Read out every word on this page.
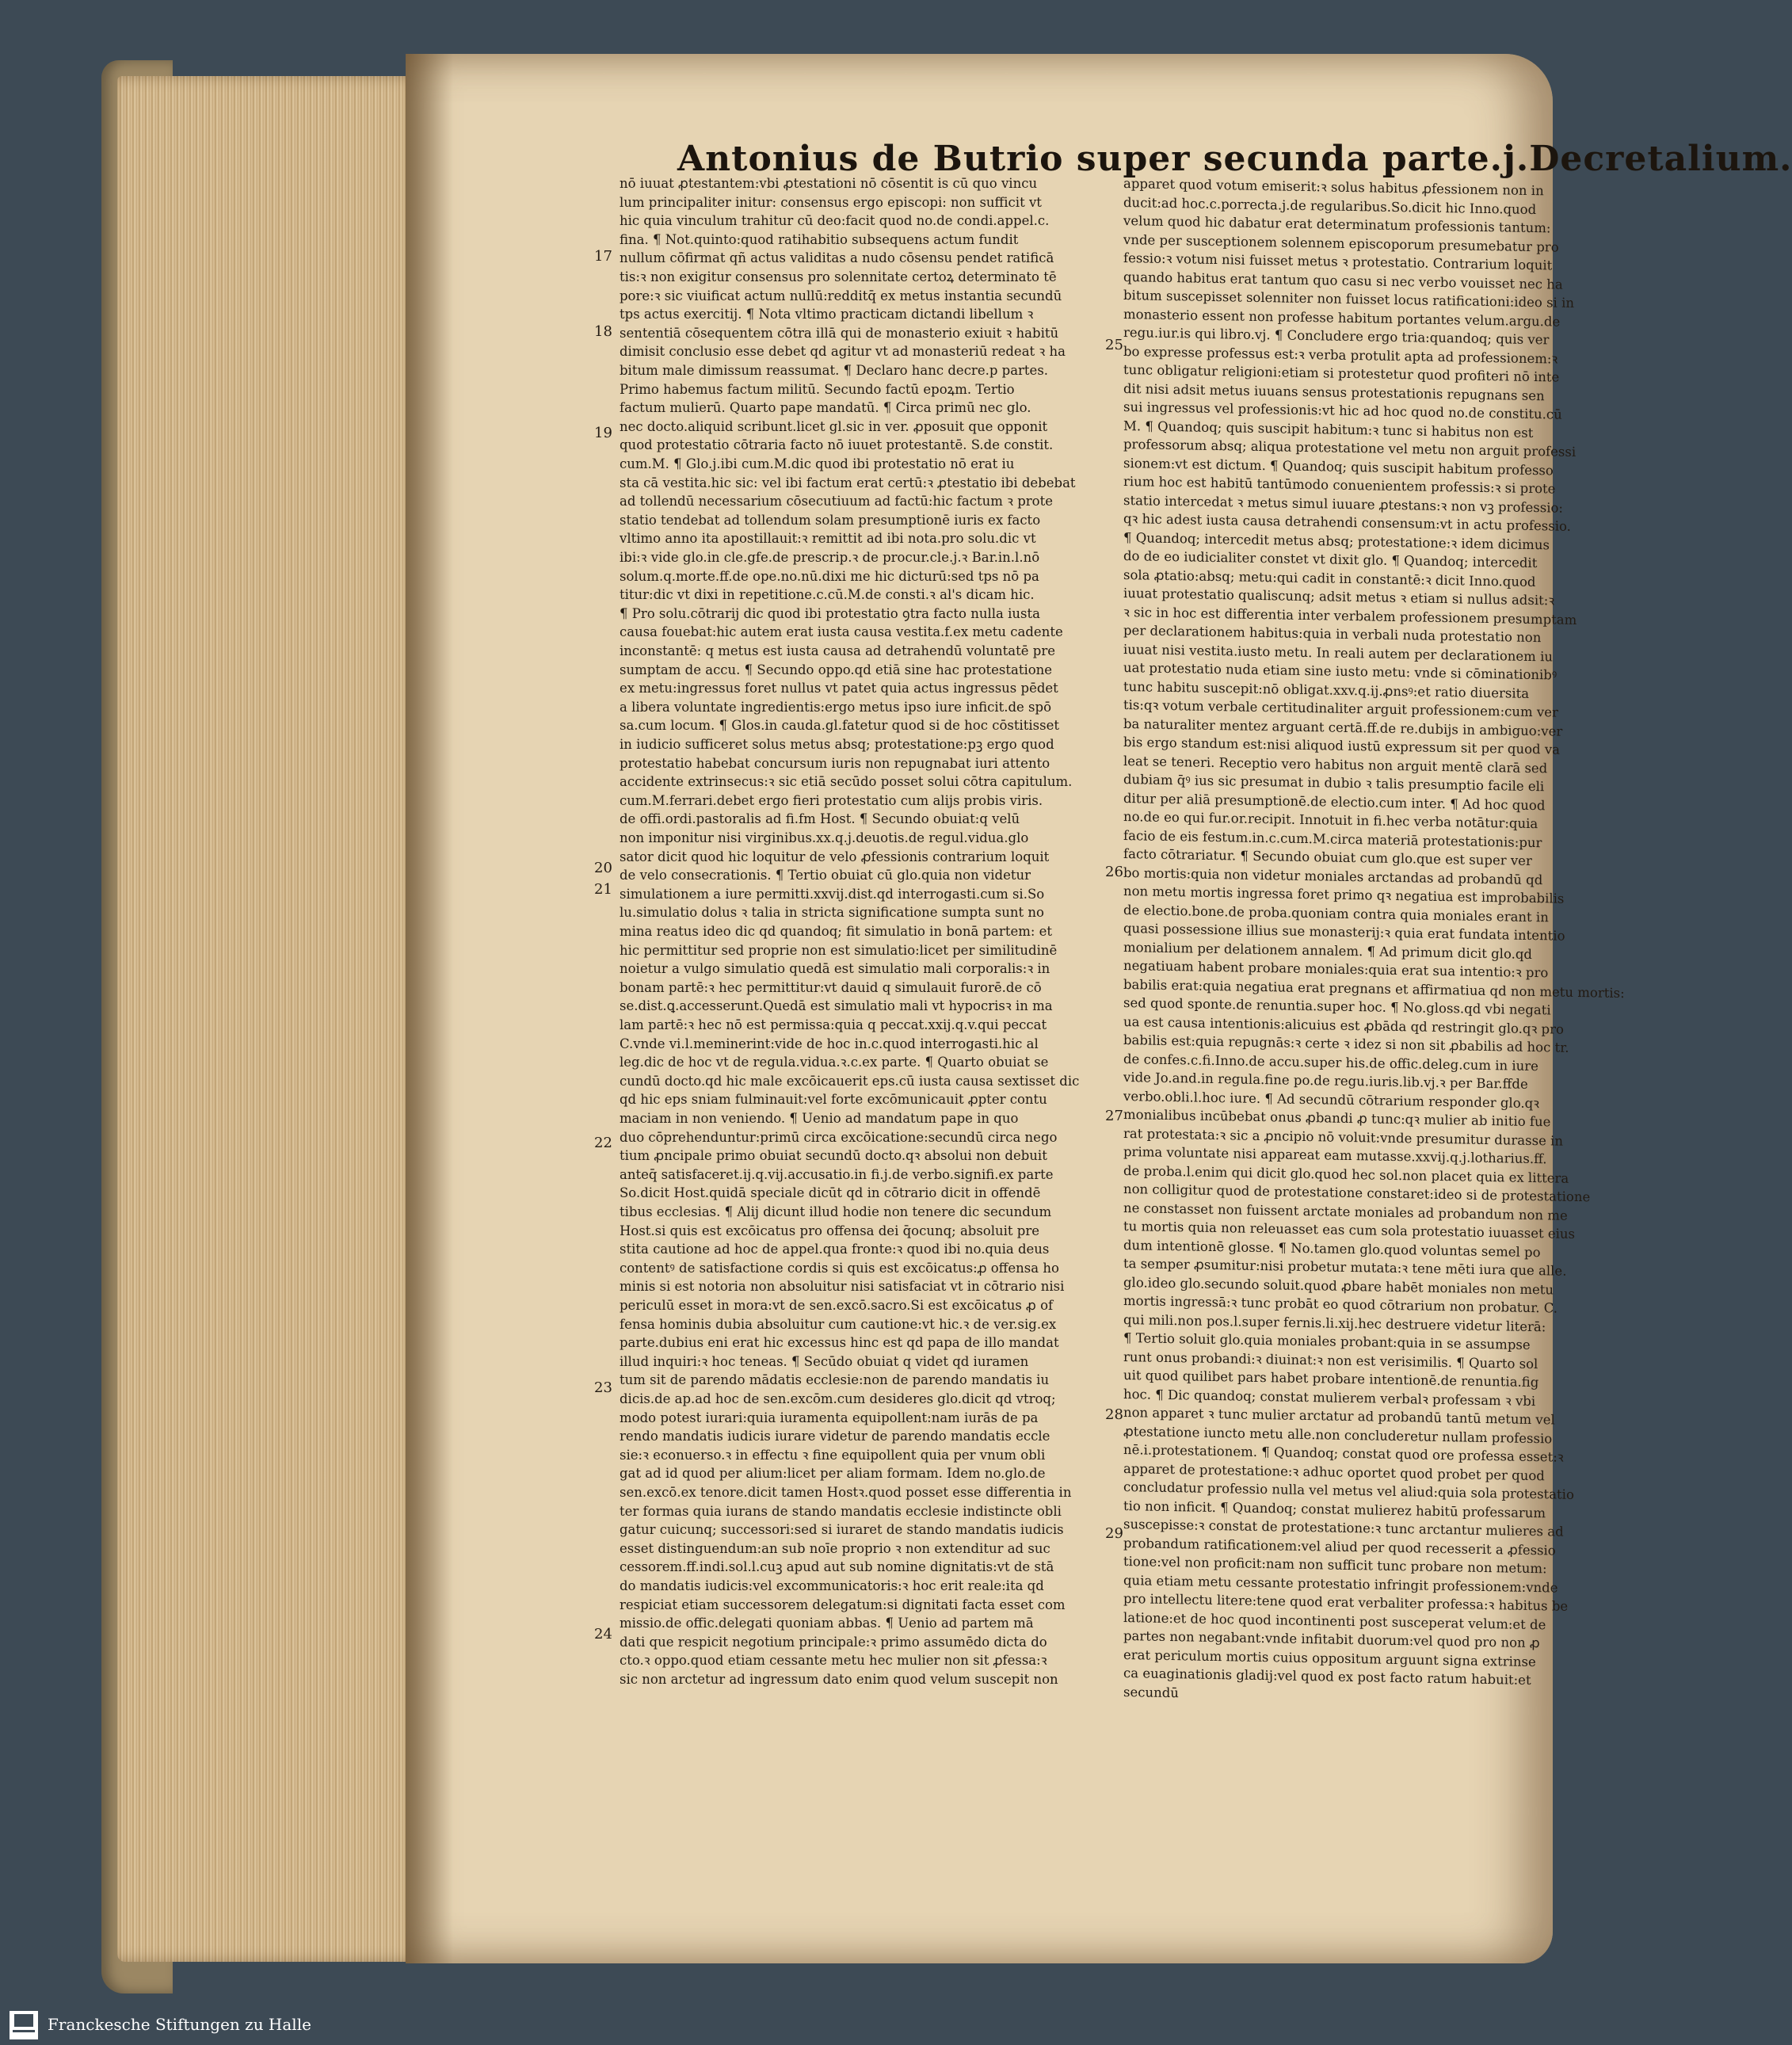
Antonius de Butrio super secunda parte.j.Decretalium.
nō iuuat ꝓtestantem:vbi ꝓtestationi nō cōsentit is cū quo vincu
lum principaliter initur: consensus ergo episcopi: non sufficit vt
hic quia vinculum trahitur cū deo:facit quod no.de condi.appel.c.
fina. ¶ Not.quinto:quod ratihabitio subsequens actum fundit
nullum cōfirmat qñ actus validitas a nudo cōsensu pendet ratificā
tis:ꝛ non exigitur consensus pro solennitate certoꝝ determinato tē
pore:ꝛ sic viuificat actum nullū:redditq̄ ex metus instantia secundū
tps actus exercitij. ¶ Nota vltimo practicam dictandi libellum ꝛ
sententiā cōsequentem cōtra illā qui de monasterio exiuit ꝛ habitū
dimisit conclusio esse debet qd agitur vt ad monasteriū redeat ꝛ ha
bitum male dimissum reassumat. ¶ Declaro hanc decre.p partes.
Primo habemus factum militū. Secundo factū epoꝝm. Tertio
factum mulierū. Quarto pape mandatū. ¶ Circa primū nec glo.
nec docto.aliquid scribunt.licet gl.sic in ver. ꝓposuit que opponit
quod protestatio cōtraria facto nō iuuet protestantē. S.de constit.
cum.M. ¶ Glo.j.ibi cum.M.dic quod ibi protestatio nō erat iu
sta cā vestita.hic sic: vel ibi factum erat certū:ꝛ ꝓtestatio ibi debebat
ad tollendū necessarium cōsecutiuum ad factū:hic factum ꝛ prote
statio tendebat ad tollendum solam presumptionē iuris ex facto
vltimo anno ita apostillauit:ꝛ remittit ad ibi nota.pro solu.dic vt
ibi:ꝛ vide glo.in cle.gfe.de prescrip.ꝛ de procur.cle.j.ꝛ Bar.in.l.nō
solum.q.morte.ff.de ope.no.nū.dixi me hic dicturū:sed tps nō pa
titur:dic vt dixi in repetitione.c.cū.M.de consti.ꝛ al's dicam hic.
¶ Pro solu.cōtrarij dic quod ibi protestatio ꝯtra facto nulla iusta
causa fouebat:hic autem erat iusta causa vestita.f.ex metu cadente
inconstantē: q metus est iusta causa ad detrahendū voluntatē pre
sumptam de accu. ¶ Secundo oppo.qd etiā sine hac protestatione
ex metu:ingressus foret nullus vt patet quia actus ingressus pēdet
a libera voluntate ingredientis:ergo metus ipso iure inficit.de spō
sa.cum locum. ¶ Glos.in cauda.gl.fatetur quod si de hoc cōstitisset
in iudicio sufficeret solus metus absq; protestatione:pꝫ ergo quod
protestatio habebat concursum iuris non repugnabat iuri attento
accidente extrinsecus:ꝛ sic etiā secūdo posset solui cōtra capitulum.
cum.M.ferrari.debet ergo fieri protestatio cum alijs probis viris.
de offi.ordi.pastoralis ad fi.fm Host. ¶ Secundo obuiat:q velū
non imponitur nisi virginibus.xx.q.j.deuotis.de regul.vidua.glo
sator dicit quod hic loquitur de velo ꝓfessionis contrarium loquit
de velo consecrationis. ¶ Tertio obuiat cū glo.quia non videtur
simulationem a iure permitti.xxvij.dist.qd interrogasti.cum si.So
lu.simulatio dolus ꝛ talia in stricta significatione sumpta sunt no
mina reatus ideo dic qd quandoq; fit simulatio in bonā partem: et
hic permittitur sed proprie non est simulatio:licet per similitudinē
noietur a vulgo simulatio quedā est simulatio mali corporalis:ꝛ in
bonam partē:ꝛ hec permittitur:vt dauid q simulauit furorē.de cō
se.dist.ꝗ.accesserunt.Quedā est simulatio mali vt hypocrisꝛ in ma
lam partē:ꝛ hec nō est permissa:quia q peccat.xxij.q.v.qui peccat
C.vnde vi.l.meminerint:vide de hoc in.c.quod interrogasti.hic al
leg.dic de hoc vt de regula.vidua.ꝛ.c.ex parte. ¶ Quarto obuiat se
cundū docto.qd hic male excōicauerit eps.cū iusta causa sextisset dic
qd hic eps sniam fulminauit:vel forte excōmunicauit ꝓpter contu
maciam in non veniendo. ¶ Uenio ad mandatum pape in quo
duo cōprehenduntur:primū circa excōicatione:secundū circa nego
tium ꝓncipale primo obuiat secundū docto.qꝛ absolui non debuit
anteq̄ satisfaceret.ij.q.vij.accusatio.in fi.j.de verbo.signifi.ex parte
So.dicit Host.quidā speciale dicūt qd in cōtrario dicit in offendē
tibus ecclesias. ¶ Alij dicunt illud hodie non tenere dic secundum
Host.si quis est excōicatus pro offensa dei q̄ocunq; absoluit pre
stita cautione ad hoc de appel.qua fronte:ꝛ quod ibi no.quia deus
contentꝰ de satisfactione cordis si quis est excōicatus:ꝓ offensa ho
minis si est notoria non absoluitur nisi satisfaciat vt in cōtrario nisi
periculū esset in mora:vt de sen.excō.sacro.Si est excōicatus ꝓ of
fensa hominis dubia absoluitur cum cautione:vt hic.ꝛ de ver.sig.ex
parte.dubius eni erat hic excessus hinc est qd papa de illo mandat
illud inquiri:ꝛ hoc teneas. ¶ Secūdo obuiat q videt qd iuramen
tum sit de parendo mādatis ecclesie:non de parendo mandatis iu
dicis.de ap.ad hoc de sen.excōm.cum desideres glo.dicit qd vtroq;
modo potest iurari:quia iuramenta equipollent:nam iurās de pa
rendo mandatis iudicis iurare videtur de parendo mandatis eccle
sie:ꝛ econuerso.ꝛ in effectu ꝛ fine equipollent quia per vnum obli
gat ad id quod per alium:licet per aliam formam. Idem no.glo.de
sen.excō.ex tenore.dicit tamen Hostꝛ.quod posset esse differentia in
ter formas quia iurans de stando mandatis ecclesie indistincte obli
gatur cuicunq; successori:sed si iuraret de stando mandatis iudicis
esset distinguendum:an sub noīe proprio ꝛ non extenditur ad suc
cessorem.ff.indi.sol.l.cuꝫ apud aut sub nomine dignitatis:vt de stā
do mandatis iudicis:vel excommunicatoris:ꝛ hoc erit reale:ita qd
respiciat etiam successorem delegatum:si dignitati facta esset com
missio.de offic.delegati quoniam abbas. ¶ Uenio ad partem mā
dati que respicit negotium principale:ꝛ primo assumēdo dicta do
cto.ꝛ oppo.quod etiam cessante metu hec mulier non sit ꝓfessa:ꝛ
sic non arctetur ad ingressum dato enim quod velum suscepit non
apparet quod votum emiserit:ꝛ solus habitus ꝓfessionem non in
ducit:ad hoc.c.porrecta.j.de regularibus.So.dicit hic Inno.quod
velum quod hic dabatur erat determinatum professionis tantum:
vnde per susceptionem solennem episcoporum presumebatur pro
fessio:ꝛ votum nisi fuisset metus ꝛ protestatio. Contrarium loquit
quando habitus erat tantum quo casu si nec verbo vouisset nec ha
bitum suscepisset solenniter non fuisset locus ratificationi:ideo si in
monasterio essent non professe habitum portantes velum.argu.de
regu.iur.is qui libro.vj. ¶ Concludere ergo tria:quandoq; quis ver
bo expresse professus est:ꝛ verba protulit apta ad professionem:ꝛ
tunc obligatur religioni:etiam si protestetur quod profiteri nō inte
dit nisi adsit metus iuuans sensus protestationis repugnans sen
sui ingressus vel professionis:vt hic ad hoc quod no.de constitu.cū
M. ¶ Quandoq; quis suscipit habitum:ꝛ tunc si habitus non est
professorum absq; aliqua protestatione vel metu non arguit professi
sionem:vt est dictum. ¶ Quandoq; quis suscipit habitum professo
rium hoc est habitū tantūmodo conuenientem professis:ꝛ si prote
statio intercedat ꝛ metus simul iuuare ꝓtestans:ꝛ non vꝫ professio:
qꝛ hic adest iusta causa detrahendi consensum:vt in actu professio.
¶ Quandoq; intercedit metus absq; protestatione:ꝛ idem dicimus
do de eo iudicialiter constet vt dixit glo. ¶ Quandoq; intercedit
sola ꝓtatio:absq; metu:qui cadit in constantē:ꝛ dicit Inno.quod
iuuat protestatio qualiscunq; adsit metus ꝛ etiam si nullus adsit:ꝛ
ꝛ sic in hoc est differentia inter verbalem professionem presumptam
per declarationem habitus:quia in verbali nuda protestatio non
iuuat nisi vestita.iusto metu. In reali autem per declarationem iu
uat protestatio nuda etiam sine iusto metu: vnde si cōminationibꝰ
tunc habitu suscepit:nō obligat.xxv.q.ij.ꝓnsꝰ:et ratio diuersita
tis:qꝛ votum verbale certitudinaliter arguit professionem:cum ver
ba naturaliter mentez arguant certā.ff.de re.dubijs in ambiguo:ver
bis ergo standum est:nisi aliquod iustū expressum sit per quod va
leat se teneri. Receptio vero habitus non arguit mentē clarā sed
dubiam q̄ꝰ ius sic presumat in dubio ꝛ talis presumptio facile eli
ditur per aliā presumptionē.de electio.cum inter. ¶ Ad hoc quod
no.de eo qui fur.or.recipit. Innotuit in fi.hec verba notātur:quia
facio de eis festum.in.c.cum.M.circa materiā protestationis:pur
facto cōtrariatur. ¶ Secundo obuiat cum glo.que est super ver
bo mortis:quia non videtur moniales arctandas ad probandū qd
non metu mortis ingressa foret primo qꝛ negatiua est improbabilis
de electio.bone.de proba.quoniam contra quia moniales erant in
quasi possessione illius sue monasterij:ꝛ quia erat fundata intentio
monialium per delationem annalem. ¶ Ad primum dicit glo.qd
negatiuam habent probare moniales:quia erat sua intentio:ꝛ pro
babilis erat:quia negatiua erat pregnans et affirmatiua qd non metu mortis:
sed quod sponte.de renuntia.super hoc. ¶ No.gloss.qd vbi negati
ua est causa intentionis:alicuius est ꝓbāda qd restringit glo.qꝛ pro
babilis est:quia repugnās:ꝛ certe ꝛ idez si non sit ꝓbabilis ad hoc tr.
de confes.c.fi.Inno.de accu.super his.de offic.deleg.cum in iure
vide Jo.and.in regula.fine po.de regu.iuris.lib.vj.ꝛ per Bar.ffde
verbo.obli.l.hoc iure. ¶ Ad secundū cōtrarium responder glo.qꝛ
monialibus incūbebat onus ꝓbandi ꝓ tunc:qꝛ mulier ab initio fue
rat protestata:ꝛ sic a ꝓncipio nō voluit:vnde presumitur durasse in
prima voluntate nisi appareat eam mutasse.xxvij.q.j.lotharius.ff.
de proba.l.enim qui dicit glo.quod hec sol.non placet quia ex littera
non colligitur quod de protestatione constaret:ideo si de protestatione
ne constasset non fuissent arctate moniales ad probandum non me
tu mortis quia non releuasset eas cum sola protestatio iuuasset eius
dum intentionē glosse. ¶ No.tamen glo.quod voluntas semel po
ta semper ꝓsumitur:nisi probetur mutata:ꝛ tene mēti iura que alle.
glo.ideo glo.secundo soluit.quod ꝓbare habēt moniales non metu
mortis ingressā:ꝛ tunc probāt eo quod cōtrarium non probatur. C.
qui mili.non pos.l.super fernis.li.xij.hec destruere videtur literā:
¶ Tertio soluit glo.quia moniales probant:quia in se assumpse
runt onus probandi:ꝛ diuinat:ꝛ non est verisimilis. ¶ Quarto sol
uit quod quilibet pars habet probare intentionē.de renuntia.fig
hoc. ¶ Dic quandoq; constat mulierem verbalꝛ professam ꝛ vbi
non apparet ꝛ tunc mulier arctatur ad probandū tantū metum vel
ꝓtestatione iuncto metu alle.non concluderetur nullam professio
nē.i.protestationem. ¶ Quandoq; constat quod ore professa esset:ꝛ
apparet de protestatione:ꝛ adhuc oportet quod probet per quod
concludatur professio nulla vel metus vel aliud:quia sola protestatio
tio non inficit. ¶ Quandoq; constat mulierez habitū professarum
suscepisse:ꝛ constat de protestatione:ꝛ tunc arctantur mulieres ad
probandum ratificationem:vel aliud per quod recesserit a ꝓfessio
tione:vel non proficit:nam non sufficit tunc probare non metum:
quia etiam metu cessante protestatio infringit professionem:vnde
pro intellectu litere:tene quod erat verbaliter professa:ꝛ habitus be
latione:et de hoc quod incontinenti post susceperat velum:et de
partes non negabant:vnde infitabit duorum:vel quod pro non ꝓ
erat periculum mortis cuius oppositum arguunt signa extrinse
ca euaginationis gladij:vel quod ex post facto ratum habuit:et
secundū
17
18
19
20
21
22
23
24
25
26
27
28
29
Franckesche Stiftungen zu Halle
